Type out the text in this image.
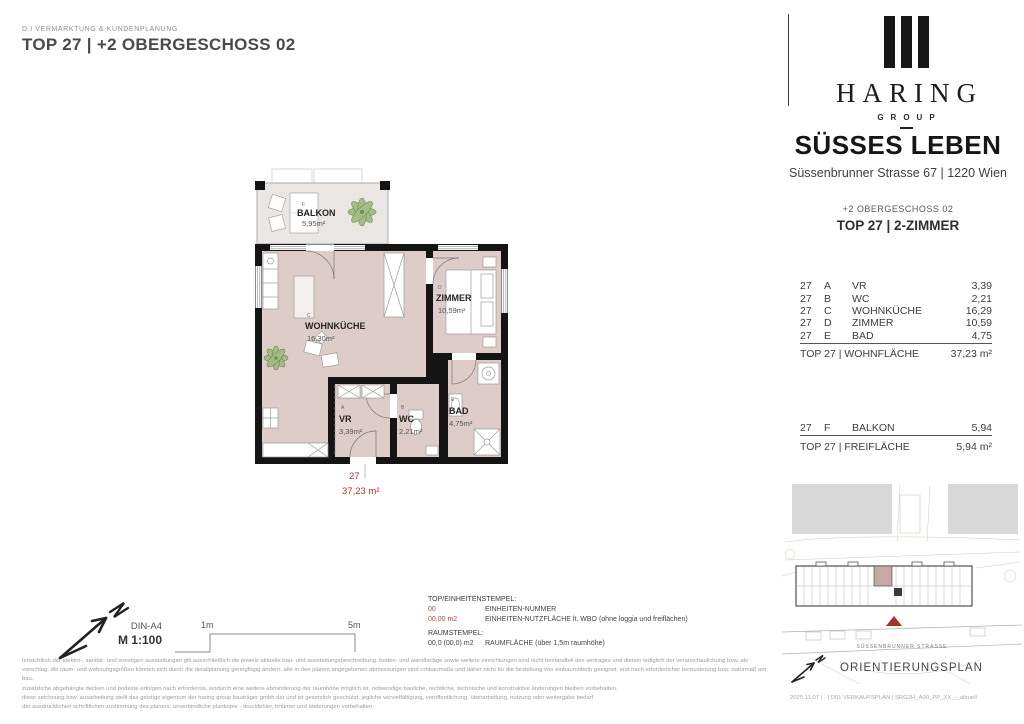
D.I VERMARKTUNG & KUNDENPLANUNG
TOP 27 | +2 OBERGESCHOSS 02
HARING
GROUP
SÜSSES LEBEN
Süssenbrunner Strasse 67 | 1220 Wien
+2 OBERGESCHOSS 02
TOP 27 | 2-ZIMMER
27	A	VR	3,39
27	B	WC	2,21
27	C	WOHNKÜCHE	16,29
27	D	ZIMMER	10,59
27	E	BAD	4,75
TOP 27 | WOHNFLÄCHE	37,23 m²
27	F	BALKON	5,94
TOP 27 | FREIFLÄCHE	5,94 m²
F
BALKON
5,95m²
C
WOHNKÜCHE
16,30m²
D
ZIMMER
10,59m²
A
VR
3,39m²
B
WC
2,21m²
E
BAD
4,75m²
27
37,23 m²
DIN-A4
M 1:100
1m	5m
TOP/EINHEITENSTEMPEL:
00	EINHEITEN-NUMMER
00,00 m2	EINHEITEN-NUTZFLÄCHE lt. WBO (ohne loggia und freiflächen)
RAUMSTEMPEL:
00,0 (00,0) m2	RAUMFLÄCHE (über 1,5m raumhöhe)
hinsichtlich der elektro-, sanitär- und sonstigen ausstattungen gilt ausschließlich die jeweils aktuelle bau- und ausstattungsbeschreibung. boden- und wandbeläge sowie weitere einrichtungen sind nicht bestandteil des vertrages und dienen lediglich der veranschaulichung bzw. als
vorschlag. die raum- und wohnungsgrößen können sich durch die detailplanung geringfügig ändern. alle in den plänen angegebenen abmessungen sind rohbaumaße und daher nicht für die bestellung von einbaumöbeln geeignet. erst nach erforderlicher bemusterung bzw. naturmaß am bau.
zusätzliche abgehängte decken und podeste erfolgen nach erfordernis, wodurch eine weitere abminderung der raumhöhe möglich ist. notwendige bauliche, rechtliche, technische und konstruktive änderungen bleiben vorbehalten.
diese zeichnung bzw. ausarbeitung stellt das geistige eigentum der haring group bauträger gmbh dar und ist gesetzlich geschützt. jegliche vervielfältigung, veröffentlichung, überarbeitung, nutzung oder weitergabe bedarf
der ausdrücklichen schriftlichen zustimmung des planers. unverbindliche plankopie - druckfehler, irrtümer und änderungen vorbehalten
SÜSSENBRUNNER STRASSE
ORIENTIERUNGSPLAN
2025.11.07 | - | D01 VERKAUFSPLAN | SRG2H_A00_PP_XX_-_aktuell
